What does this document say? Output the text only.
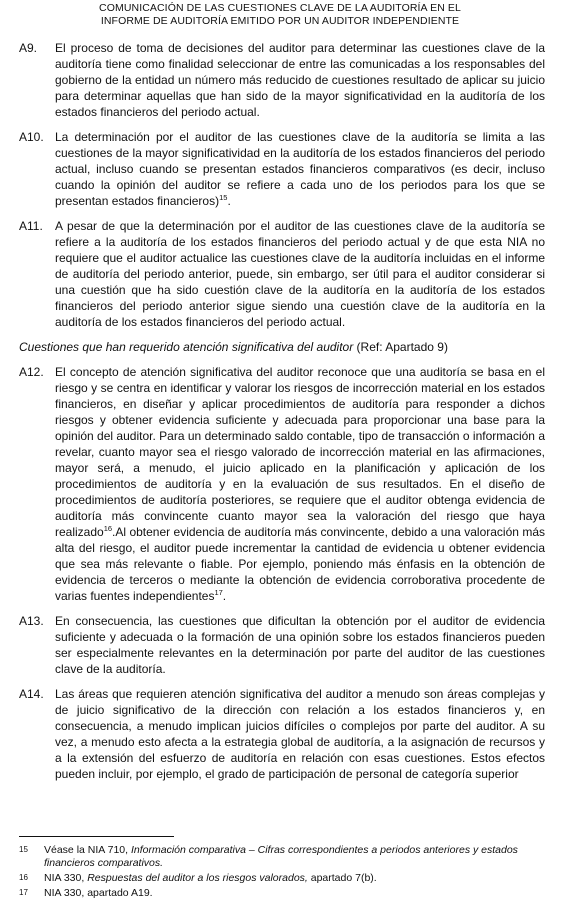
COMUNICACIÓN DE LAS CUESTIONES CLAVE DE LA AUDITORÍA EN EL
INFORME DE AUDITORÍA EMITIDO POR UN AUDITOR INDEPENDIENTE
A9.	El proceso de toma de decisiones del auditor para determinar las cuestiones clave de la auditoría tiene como finalidad seleccionar de entre las comunicadas a los responsables del gobierno de la entidad un número más reducido de cuestiones resultado de aplicar su juicio para determinar aquellas que han sido de la mayor significatividad en la auditoría de los estados financieros del periodo actual.
A10. La determinación por el auditor de las cuestiones clave de la auditoría se limita a las cuestiones de la mayor significatividad en la auditoría de los estados financieros del periodo actual, incluso cuando se presentan estados financieros comparativos (es decir, incluso cuando la opinión del auditor se refiere a cada uno de los periodos para los que se presentan estados financieros)$^{15}$.
A11.	A pesar de que la determinación por el auditor de las cuestiones clave de la auditoría se refiere a la auditoría de los estados financieros del periodo actual y de que esta NIA no requiere que el auditor actualice las cuestiones clave de la auditoría incluidas en el informe de auditoría del periodo anterior, puede, sin embargo, ser útil para el auditor considerar si una cuestión que ha sido cuestión clave de la auditoría en la auditoría de los estados financieros del periodo anterior sigue siendo una cuestión clave de la auditoría en la auditoría de los estados financieros del periodo actual.
Cuestiones que han requerido atención significativa del auditor (Ref: Apartado 9)
A12. El concepto de atención significativa del auditor reconoce que una auditoría se basa en el riesgo y se centra en identificar y valorar los riesgos de incorrección material en los estados financieros, en diseñar y aplicar procedimientos de auditoría para responder a dichos riesgos y obtener evidencia suficiente y adecuada para proporcionar una base para la opinión del auditor. Para un determinado saldo contable, tipo de transacción o información a revelar, cuanto mayor sea el riesgo valorado de incorrección material en las afirmaciones, mayor será, a menudo, el juicio aplicado en la planificación y aplicación de los procedimientos de auditoría y en la evaluación de sus resultados. En el diseño de procedimientos de auditoría posteriores, se requiere que el auditor obtenga evidencia de auditoría más convincente cuanto mayor sea la valoración del riesgo que haya realizado$^{16}$.Al obtener evidencia de auditoría más convincente, debido a una valoración más alta del riesgo, el auditor puede incrementar la cantidad de evidencia u obtener evidencia que sea más relevante o fiable. Por ejemplo, poniendo más énfasis en la obtención de evidencia de terceros o mediante la obtención de evidencia corroborativa procedente de varias fuentes independientes$^{17}$.
A13. En consecuencia, las cuestiones que dificultan la obtención por el auditor de evidencia suficiente y adecuada o la formación de una opinión sobre los estados financieros pueden ser especialmente relevantes en la determinación por parte del auditor de las cuestiones clave de la auditoría.
A14. Las áreas que requieren atención significativa del auditor a menudo son áreas complejas y de juicio significativo de la dirección con relación a los estados financieros y, en consecuencia, a menudo implican juicios difíciles o complejos por parte del auditor. A su vez, a menudo esto afecta a la estrategia global de auditoría, a la asignación de recursos y a la extensión del esfuerzo de auditoría en relación con esas cuestiones. Estos efectos pueden incluir, por ejemplo, el grado de participación de personal de categoría superior
15	Véase la NIA 710, Información comparativa – Cifras correspondientes a periodos anteriores y estados financieros comparativos.
16	NIA 330, Respuestas del auditor a los riesgos valorados, apartado 7(b).
17	NIA 330, apartado A19.
